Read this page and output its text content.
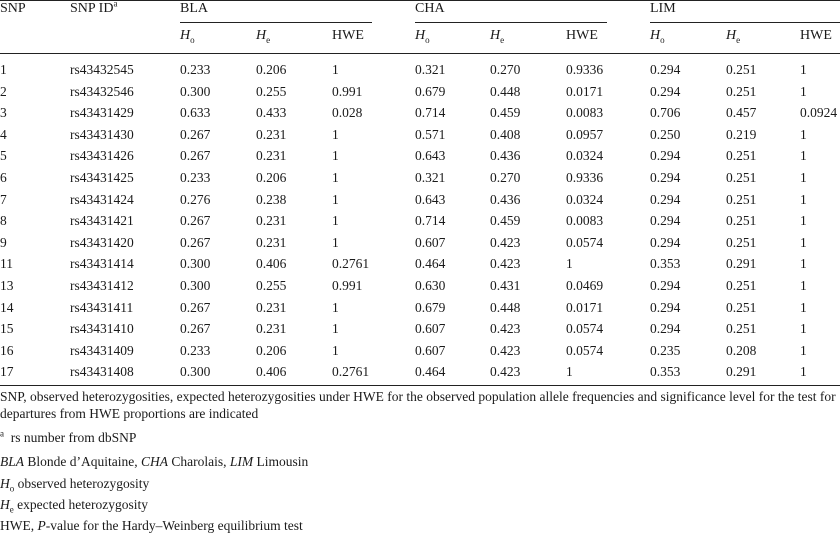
SNP	SNP $ID^a$	BLA	CHA	LIM
$H_o$	$H_e$	HWE	$H_o$	$H_e$	HWE	$H_o$	$H_e$	HWE
1	rs43432545	0.233	0.206	1	0.321	0.270	0.9336	0.294	0.251	1
2	rs43432546	0.300	0.255	0.991	0.679	0.448	0.0171	0.294	0.251	1
3	rs43431429	0.633	0.433	0.028	0.714	0.459	0.0083	0.706	0.457	0.0924
4	rs43431430	0.267	0.231	1	0.571	0.408	0.0957	0.250	0.219	1
5	rs43431426	0.267	0.231	1	0.643	0.436	0.0324	0.294	0.251	1
6	rs43431425	0.233	0.206	1	0.321	0.270	0.9336	0.294	0.251	1
7	rs43431424	0.276	0.238	1	0.643	0.436	0.0324	0.294	0.251	1
8	rs43431421	0.267	0.231	1	0.714	0.459	0.0083	0.294	0.251	1
9	rs43431420	0.267	0.231	1	0.607	0.423	0.0574	0.294	0.251	1
11	rs43431414	0.300	0.406	0.2761	0.464	0.423	1	0.353	0.291	1
13	rs43431412	0.300	0.255	0.991	0.630	0.431	0.0469	0.294	0.251	1
14	rs43431411	0.267	0.231	1	0.679	0.448	0.0171	0.294	0.251	1
15	rs43431410	0.267	0.231	1	0.607	0.423	0.0574	0.294	0.251	1
16	rs43431409	0.233	0.206	1	0.607	0.423	0.0574	0.235	0.208	1
17	rs43431408	0.300	0.406	0.2761	0.464	0.423	1	0.353	0.291	1
SNP, observed heterozygosities, expected heterozygosities under HWE for the observed population allele frequencies and significance level for the test for departures from HWE proportions are indicated
$^a$ rs number from dbSNP
BLA Blonde d’Aquitaine, CHA Charolais, LIM Limousin
$H_o$ observed heterozygosity
$H_e$ expected heterozygosity
HWE, P-value for the Hardy–Weinberg equilibrium test
